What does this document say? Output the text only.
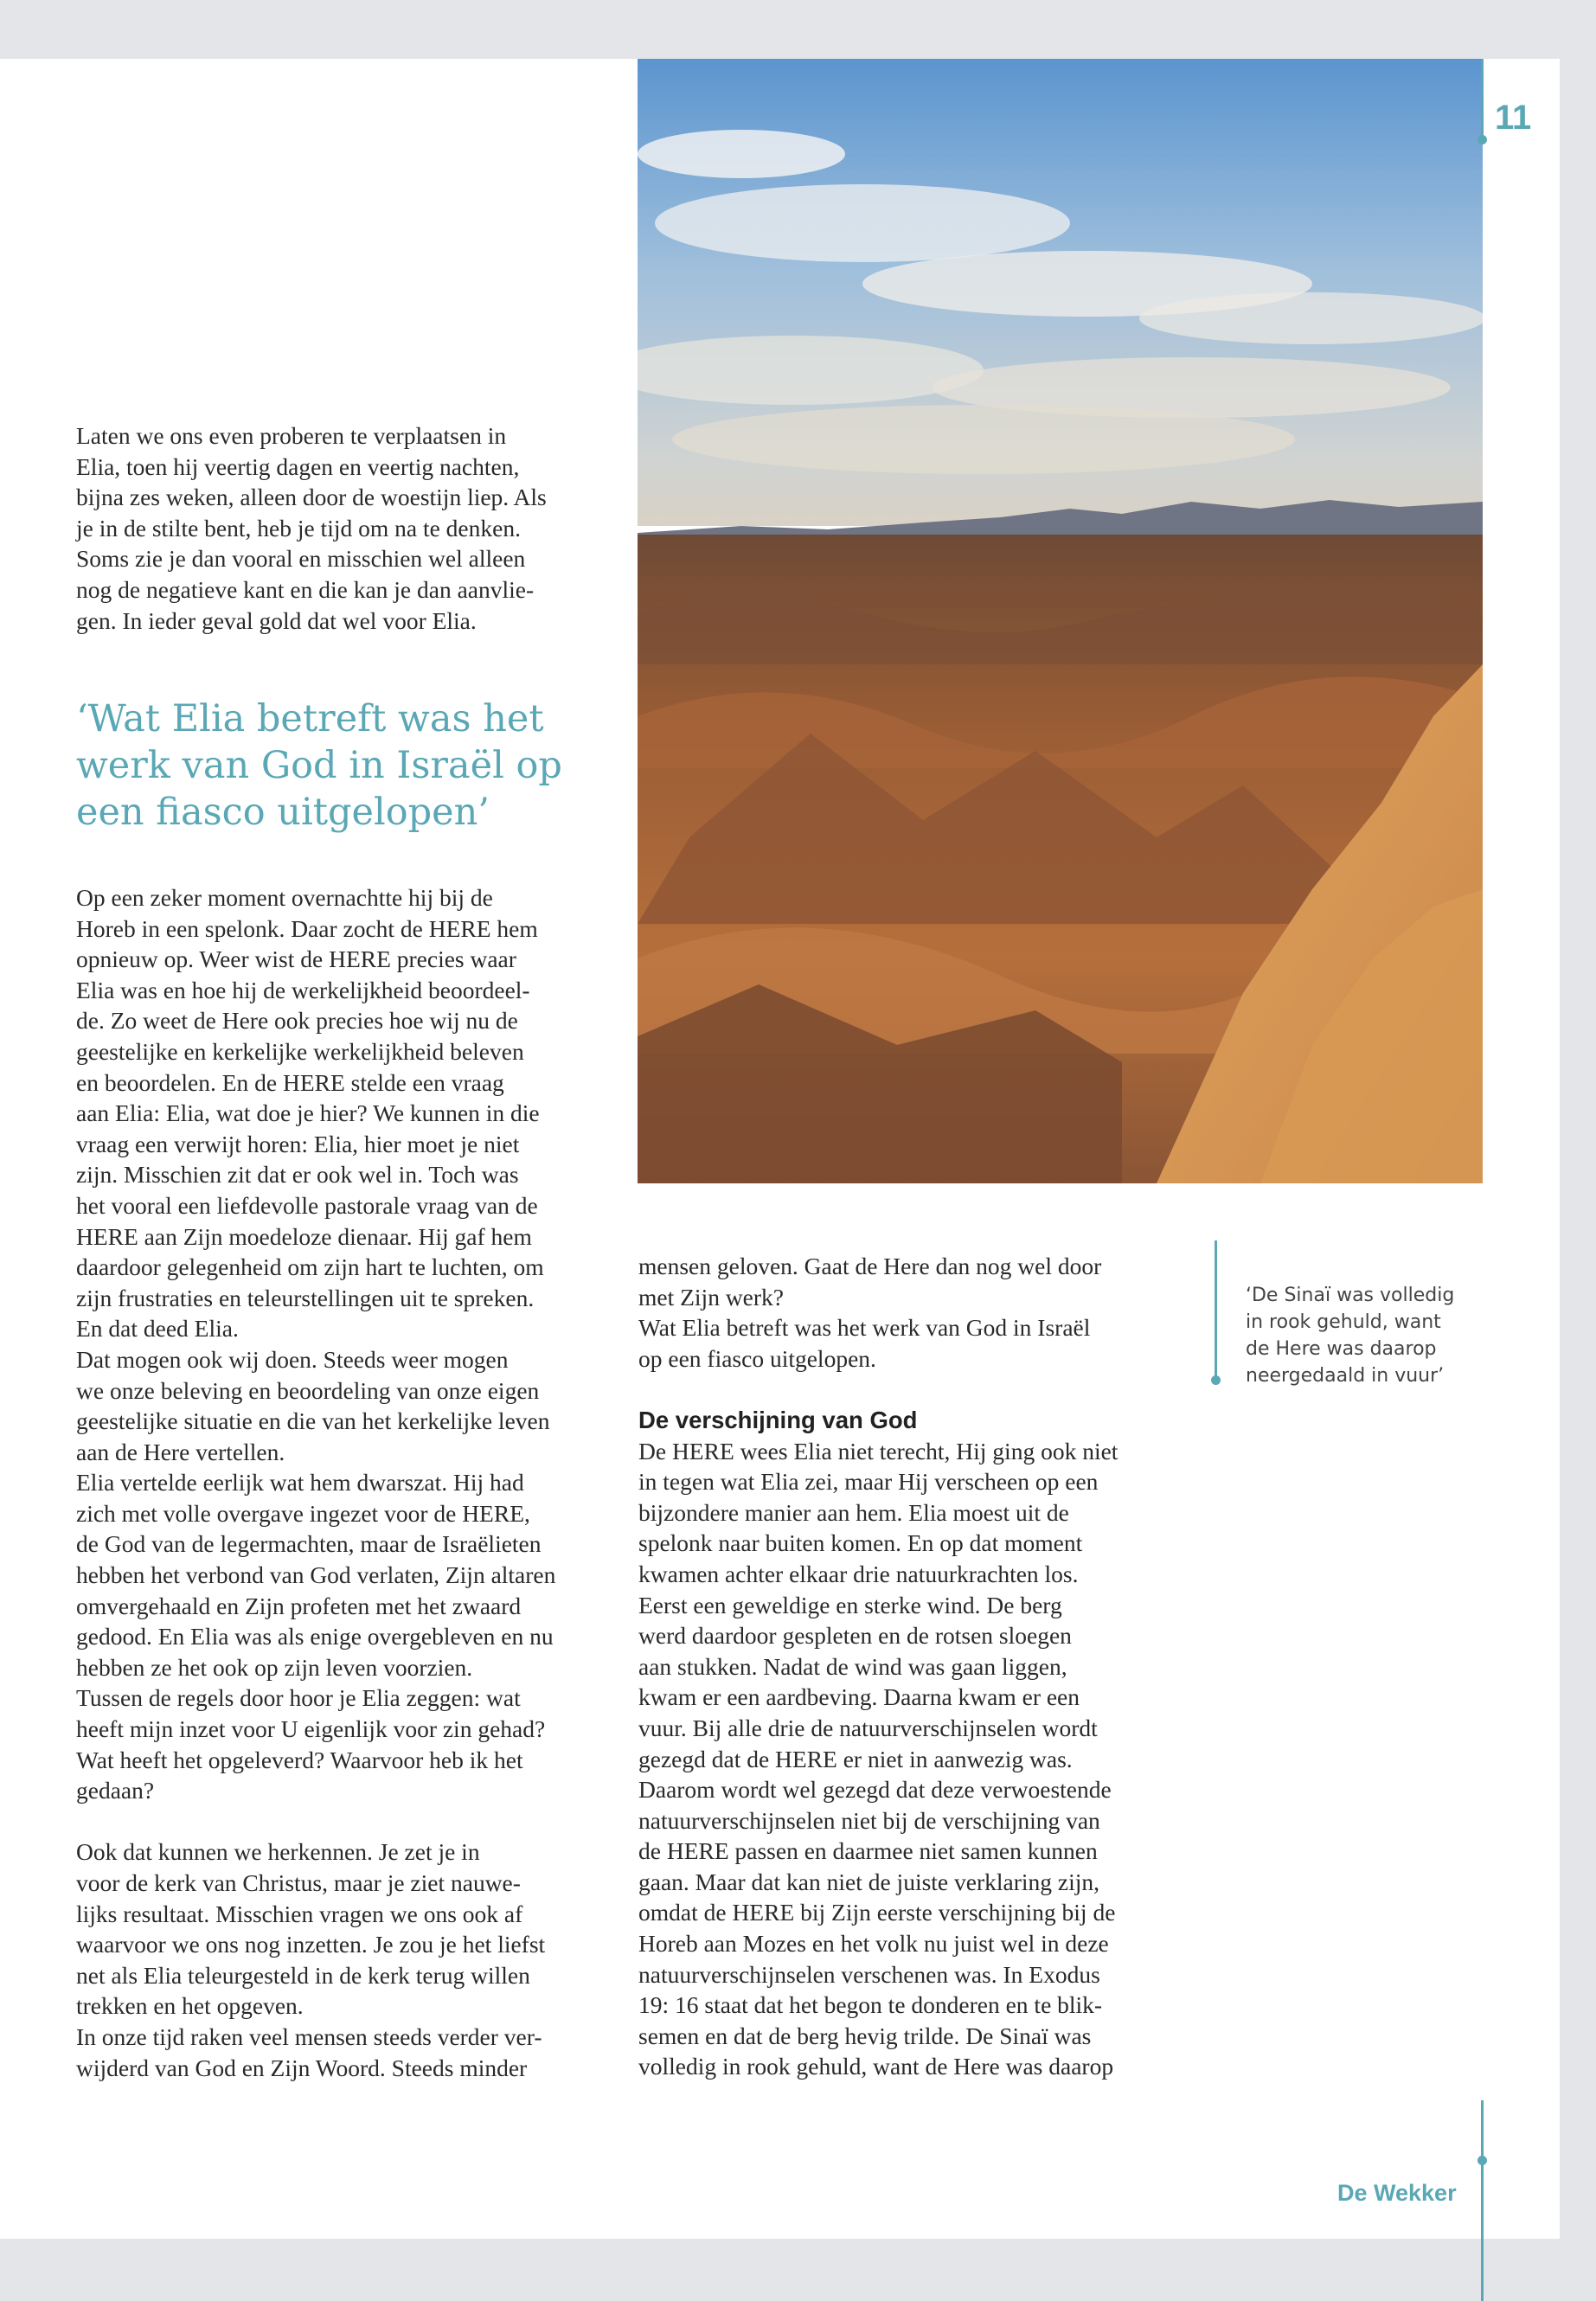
11

Laten we ons even proberen te verplaatsen in

Elia, toen hij veertig dagen en veertig nachten,

bijna zes weken, alleen door de woestijn liep. Als

je in de stilte bent, heb je tijd om na te denken.

Soms zie je dan vooral en misschien wel alleen

nog de negatieve kant en die kan je dan aanvlie-

gen. In ieder geval gold dat wel voor Elia.

‘Wat Elia betreft was het
werk van God in Israël op
een fiasco uitgelopen’

Op een zeker moment overnachtte hij bij de

Horeb in een spelonk. Daar zocht de HERE hem

opnieuw op. Weer wist de HERE precies waar

Elia was en hoe hij de werkelijkheid beoordeel-

de. Zo weet de Here ook precies hoe wij nu de

geestelijke en kerkelijke werkelijkheid beleven

en beoordelen. En de HERE stelde een vraag

aan Elia: Elia, wat doe je hier? We kunnen in die

vraag een verwijt horen: Elia, hier moet je niet

zijn. Misschien zit dat er ook wel in. Toch was

het vooral een liefdevolle pastorale vraag van de

HERE aan Zijn moedeloze dienaar. Hij gaf hem

daardoor gelegenheid om zijn hart te luchten, om

zijn frustraties en teleurstellingen uit te spreken.

En dat deed Elia.

Dat mogen ook wij doen. Steeds weer mogen

we onze beleving en beoordeling van onze eigen

geestelijke situatie en die van het kerkelijke leven

aan de Here vertellen.

Elia vertelde eerlijk wat hem dwarszat. Hij had

zich met volle overgave ingezet voor de HERE,

de God van de legermachten, maar de Israëlieten

hebben het verbond van God verlaten, Zijn altaren

omvergehaald en Zijn profeten met het zwaard

gedood. En Elia was als enige overgebleven en nu

hebben ze het ook op zijn leven voorzien.

Tussen de regels door hoor je Elia zeggen: wat

heeft mijn inzet voor U eigenlijk voor zin gehad?

Wat heeft het opgeleverd? Waarvoor heb ik het

gedaan?

Ook dat kunnen we herkennen. Je zet je in

voor de kerk van Christus, maar je ziet nauwe-

lijks resultaat. Misschien vragen we ons ook af

waarvoor we ons nog inzetten. Je zou je het liefst

net als Elia teleurgesteld in de kerk terug willen

trekken en het opgeven.

In onze tijd raken veel mensen steeds verder ver-

wijderd van God en Zijn Woord. Steeds minder

mensen geloven. Gaat de Here dan nog wel door

met Zijn werk?

Wat Elia betreft was het werk van God in Israël

op een fiasco uitgelopen.

De verschijning van God

De HERE wees Elia niet terecht, Hij ging ook niet

in tegen wat Elia zei, maar Hij verscheen op een

bijzondere manier aan hem. Elia moest uit de

spelonk naar buiten komen. En op dat moment

kwamen achter elkaar drie natuurkrachten los.

Eerst een geweldige en sterke wind. De berg

werd daardoor gespleten en de rotsen sloegen

aan stukken. Nadat de wind was gaan liggen,

kwam er een aardbeving. Daarna kwam er een

vuur. Bij alle drie de natuurverschijnselen wordt

gezegd dat de HERE er niet in aanwezig was.

Daarom wordt wel gezegd dat deze verwoestende

natuurverschijnselen niet bij de verschijning van

de HERE passen en daarmee niet samen kunnen

gaan. Maar dat kan niet de juiste verklaring zijn,

omdat de HERE bij Zijn eerste verschijning bij de

Horeb aan Mozes en het volk nu juist wel in deze

natuurverschijnselen verschenen was. In Exodus

19: 16 staat dat het begon te donderen en te blik-

semen en dat de berg hevig trilde. De Sinaï was

volledig in rook gehuld, want de Here was daarop

‘De Sinaï was volledig
in rook gehuld, want
de Here was daarop
neergedaald in vuur’
De Wekker
